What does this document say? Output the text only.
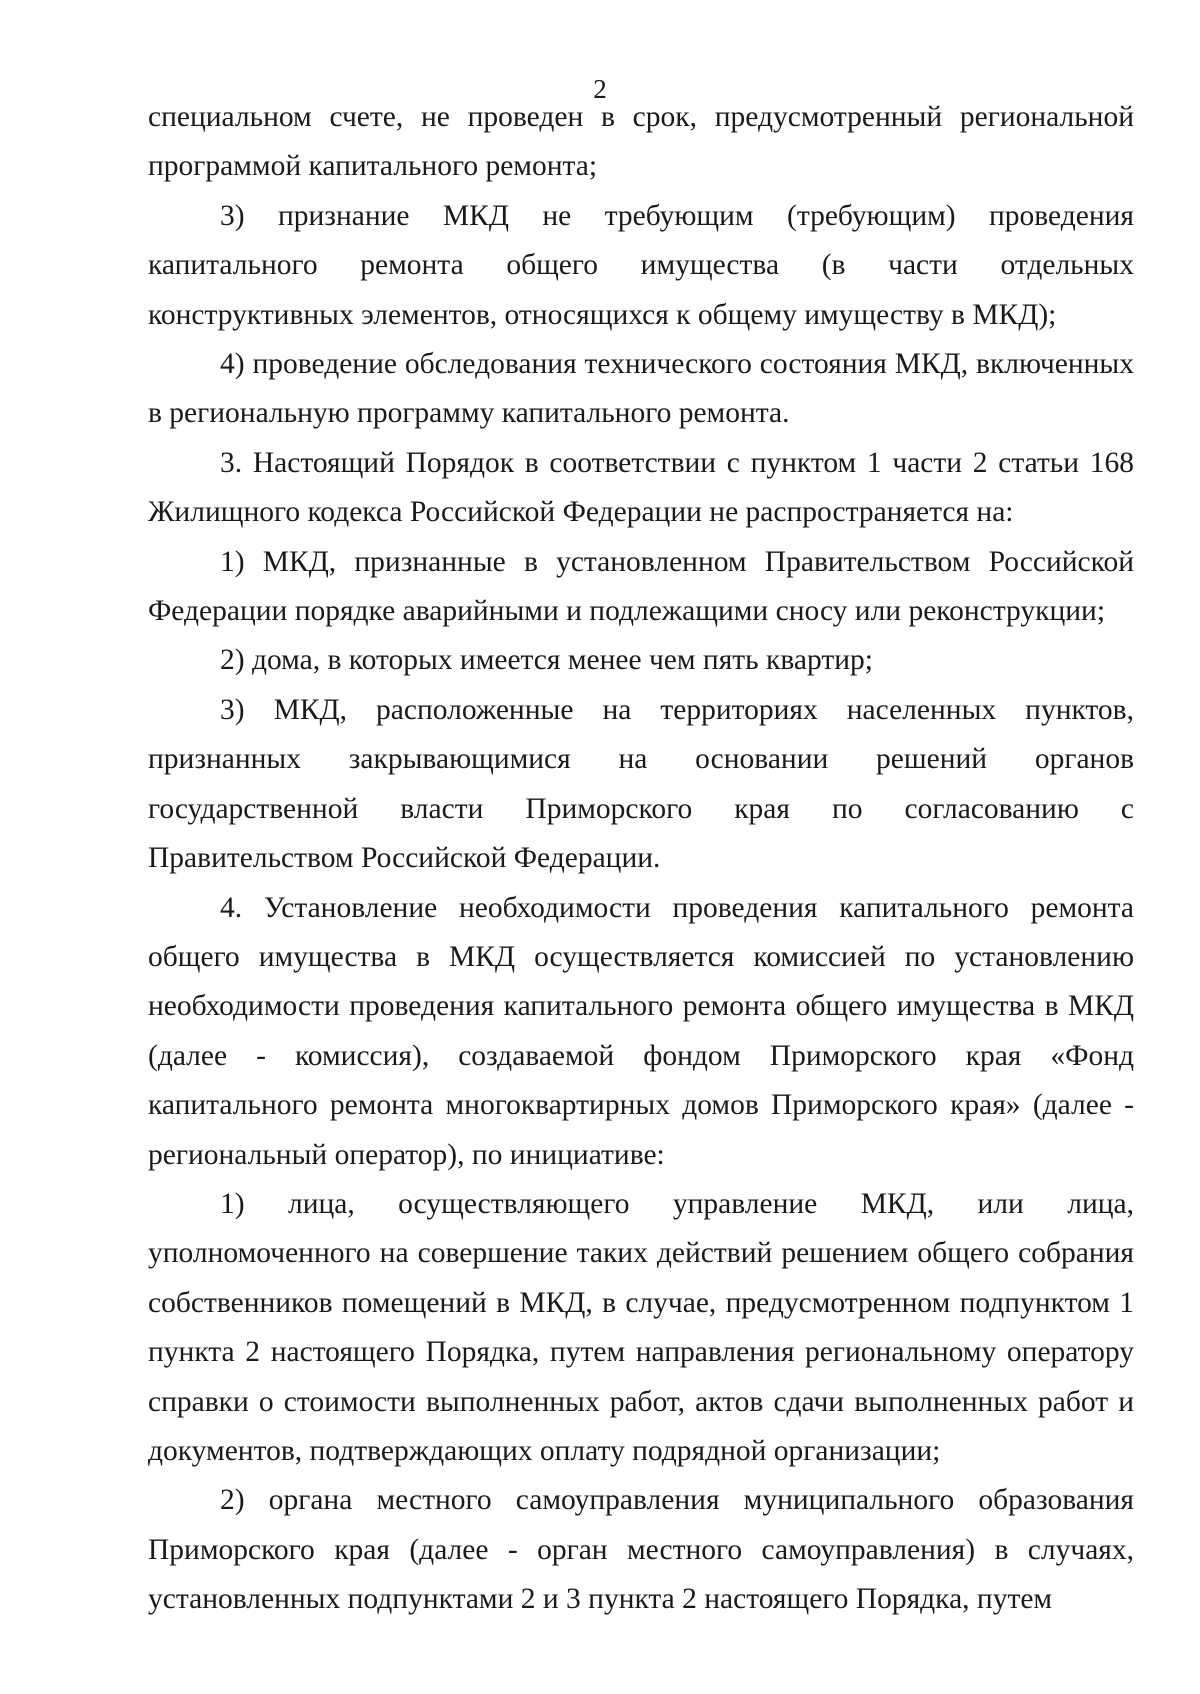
2

специальном счете, не проведен в срок, предусмотренный региональной программой капитального ремонта;

3) признание МКД не требующим (требующим) проведения капитального ремонта общего имущества (в части отдельных конструктивных элементов, относящихся к общему имуществу в МКД);

4) проведение обследования технического состояния МКД, включенных в региональную программу капитального ремонта.

3. Настоящий Порядок в соответствии с пунктом 1 части 2 статьи 168 Жилищного кодекса Российской Федерации не распространяется на:

1) МКД, признанные в установленном Правительством Российской Федерации порядке аварийными и подлежащими сносу или реконструкции;

2) дома, в которых имеется менее чем пять квартир;

3) МКД, расположенные на территориях населенных пунктов, признанных закрывающимися на основании решений органов государственной власти Приморского края по согласованию с Правительством Российской Федерации.

4. Установление необходимости проведения капитального ремонта общего имущества в МКД осуществляется комиссией по установлению необходимости проведения капитального ремонта общего имущества в МКД (далее - комиссия), создаваемой фондом Приморского края «Фонд капитального ремонта многоквартирных домов Приморского края» (далее - региональный оператор), по инициативе:

1) лица, осуществляющего управление МКД, или лица, уполномоченного на совершение таких действий решением общего собрания собственников помещений в МКД, в случае, предусмотренном подпунктом 1 пункта 2 настоящего Порядка, путем направления региональному оператору справки о стоимости выполненных работ, актов сдачи выполненных работ и документов, подтверждающих оплату подрядной организации;

2) органа местного самоуправления муниципального образования Приморского края (далее - орган местного самоуправления) в случаях, установленных подпунктами 2 и 3 пункта 2 настоящего Порядка, путем
